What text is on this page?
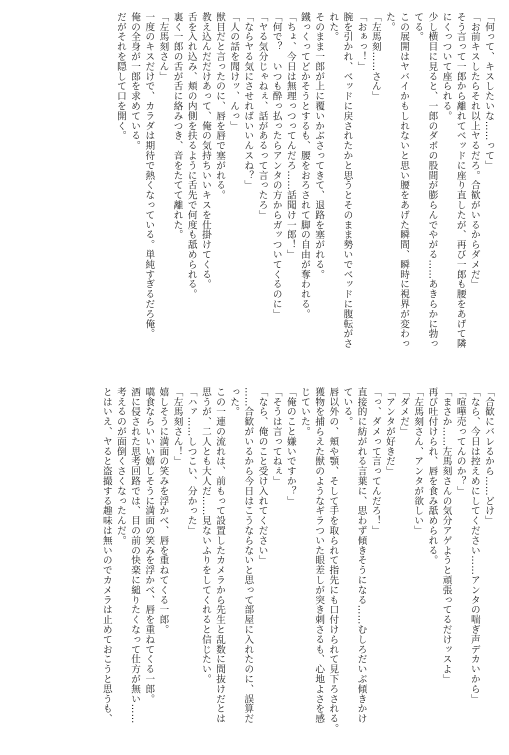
「何って、キスしたいな……って」
「お前キスしたらそれ以上ヤるだろ。合歓がいるからダメだ」
そう言って一郎から離れてベッドに座り直したが、再び一郎も腰をあげて隣
にくっついて座られる。
少し横目に見ると、一郎のダボの股間が膨らんでやがる……あきらかに勃っ
てる。
この展開はヤバイかもしれないと思い腰をあげた瞬間、瞬時に視界が変わっ
た。
「左馬刻……さん」
「おぁっ！」
腕を引かれ、ベッドに戻されたかと思うとそのまま勢いでベッドに腹転がさ
れた。
そのまま一郎が上に覆いかぶさってきて、退路を塞がれる。
鐵っくってどかそうとするも、腰をおろされて脚の自由が奪われる。
「ちょ、今日は無理っつってんだろ……話聞け一郎！」
「何で？　いつも酔っ払ったらアンタの方からガッついてくるのに」
「ヤる気分じゃねぇ、話があるって言ったろ」
「ならヤる気にさせればいいんスね？」
「人の話を聞けッ、んっ」
獣目だと言ったのに、唇を唇で塞がれる。
教え込んだだけあって、俺の気持ちいいキスを仕掛けてくる。
舌を入れ込み、頬の内側を扶るように舌先で何度も舐められる。
裏く一郎の舌が舌に絡みつき、音をたてて離れた。
「左馬刻さん」
一度のキスだけで、カラダは期待で熱くなっている。単純すぎるだろ俺。
俺の全身が一郎を求めている。
だがそれを隠して口を開く。
「合歓にバレるから……どけ」
「なら、今日は控えめにしてください……アンタの喘ぎ声デカいから」
「喧嘩売ってんのか？」
「まさか……左馬刻さんの気分アゲようと頑張ってるだけッスよ」
再び吐付けられ、唇を食み舐められる。
「左馬刻さん、アンタが欲しい」
「ダメだ」
「アンタが好きだ」
「っ、ダメって言ってんだろ！」
直接的に紡がれる言葉に、思わず傾きそうになる……むしろだいぶ傾きかけ
ている。
唇以外の、頬や顎、そして手を取られて指先にも口付けられて見下ろされる。
獲物を捕らえた獣のようなギラついた眼差しが突き刺さるも、心地よさを感
じていた。
「俺のこと嫌いですか？」
「そうは言ってねぇ」
「なら、俺のこと受け入れてください」
……合歓がいるから今日はこうならないと思って部屋に入れたのに、誤算だ
った。
この一連の流れは、前もって設置したカメラから先生と乱数に間抜けだとは
思うが、二人とも大人だ……見ないふりをしてくれると信じたい。
「ハァ……しつこい、分かった」
「左馬刻さん！」
嬉しそうに満面の笑みを浮かべ、唇を重ねてくる一郎。
嚆食ならいいい嬉しそうに満面の笑みを浮かべ、唇を重ねてくる一郎。
酒に侵された思考回路では、目の前の快楽に縋りたくなって仕方が無い……
考えるのが面倒くさくなったんだ。
とはいえ、ヤると盗撮する趣味は無いのでカメラは止めておこうと思うも、
